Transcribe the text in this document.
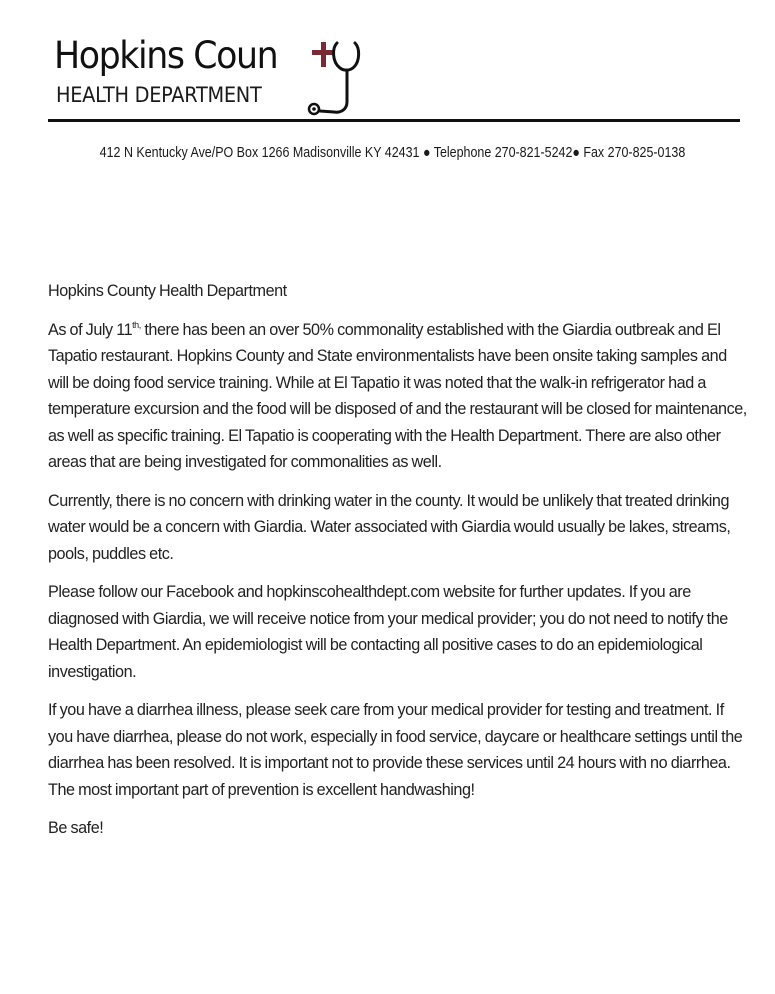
Hopkins Coun
HEALTH DEPARTMENT
412 N Kentucky Ave/PO Box 1266 Madisonville KY 42431 ● Telephone 270-821-5242● Fax 270-825-0138

Hopkins County Health Department

As of July $11^{th,}$ there has been an over 50% commonality established with the Giardia outbreak and El Tapatio restaurant. Hopkins County and State environmentalists have been onsite taking samples and will be doing food service training. While at El Tapatio it was noted that the walk-in refrigerator had a temperature excursion and the food will be disposed of and the restaurant will be closed for maintenance, as well as specific training. El Tapatio is cooperating with the Health Department. There are also other areas that are being investigated for commonalities as well.

Currently, there is no concern with drinking water in the county. It would be unlikely that treated drinking water would be a concern with Giardia. Water associated with Giardia would usually be lakes, streams, pools, puddles etc.

Please follow our Facebook and hopkinscohealthdept.com website for further updates. If you are diagnosed with Giardia, we will receive notice from your medical provider; you do not need to notify the Health Department. An epidemiologist will be contacting all positive cases to do an epidemiological investigation.

If you have a diarrhea illness, please seek care from your medical provider for testing and treatment. If you have diarrhea, please do not work, especially in food service, daycare or healthcare settings until the diarrhea has been resolved. It is important not to provide these services until 24 hours with no diarrhea. The most important part of prevention is excellent handwashing!

Be safe!
